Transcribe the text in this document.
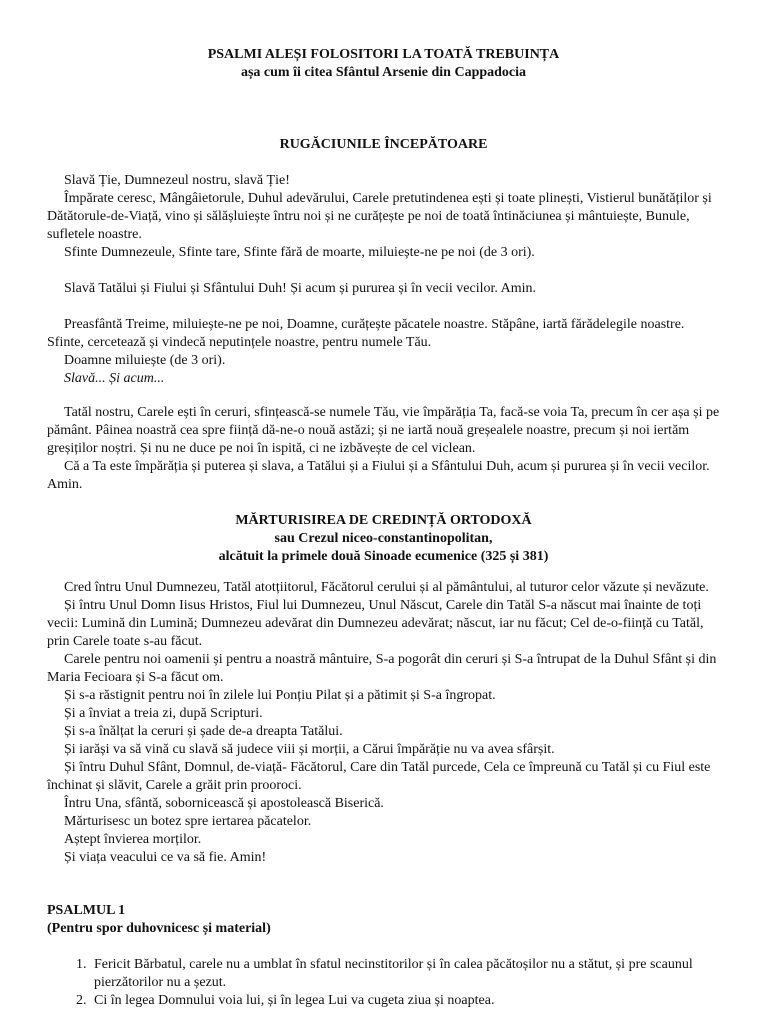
PSALMI ALEȘI FOLOSITORI LA TOATĂ TREBUINȚA
așa cum îi citea Sfântul Arsenie din Cappadocia
RUGĂCIUNILE ÎNCEPĂTOARE

Slavă Ție, Dumnezeul nostru, slavă Ție!

Împărate ceresc, Mângâietorule, Duhul adevărului, Carele pretutindenea ești și toate plinești, Vistierul bunătăților și Dătătorule-de-Viață, vino și sălășluiește întru noi și ne curățește pe noi de toată întinăciunea și mântuiește, Bunule, sufletele noastre.

Sfinte Dumnezeule, Sfinte tare, Sfinte fără de moarte, miluiește-ne pe noi (de 3 ori).

Slavă Tatălui și Fiului și Sfântului Duh! Și acum și pururea și în vecii vecilor. Amin.

Preasfântă Treime, miluiește-ne pe noi, Doamne, curățește păcatele noastre. Stăpâne, iartă fărădelegile noastre. Sfinte, cercetează și vindecă neputințele noastre, pentru numele Tău.

Doamne miluiește (de 3 ori).

Slavă... Și acum...

Tatăl nostru, Carele ești în ceruri, sfințească-se numele Tău, vie împărăția Ta, facă-se voia Ta, precum în cer așa și pe pământ. Pâinea noastră cea spre ființă dă-ne-o nouă astăzi; și ne iartă nouă greșealele noastre, precum și noi iertăm greșiților noștri. Și nu ne duce pe noi în ispită, ci ne izbăvește de cel viclean.

Că a Ta este împărăția și puterea și slava, a Tatălui și a Fiului și a Sfântului Duh, acum și pururea și în vecii vecilor. Amin.

MĂRTURISIREA DE CREDINȚĂ ORTODOXĂ
sau Crezul niceo-constantinopolitan,
alcătuit la primele două Sinoade ecumenice (325 și 381)

Cred întru Unul Dumnezeu, Tatăl atotțiitorul, Făcătorul cerului și al pământului, al tuturor celor văzute și nevăzute.

Și întru Unul Domn Iisus Hristos, Fiul lui Dumnezeu, Unul Născut, Carele din Tatăl S-a născut mai înainte de toți vecii: Lumină din Lumină; Dumnezeu adevărat din Dumnezeu adevărat; născut, iar nu făcut; Cel de-o-ființă cu Tatăl, prin Carele toate s-au făcut.

Carele pentru noi oamenii și pentru a noastră mântuire, S-a pogorât din ceruri și S-a întrupat de la Duhul Sfânt și din Maria Fecioara și S-a făcut om.

Și s-a răstignit pentru noi în zilele lui Ponțiu Pilat și a pătimit și S-a îngropat.

Și a înviat a treia zi, după Scripturi.

Și s-a înălțat la ceruri și șade de-a dreapta Tatălui.

Și iarăși va să vină cu slavă să judece viii și morții, a Cărui împărăție nu va avea sfârșit.

Și întru Duhul Sfânt, Domnul, de-viață- Făcătorul, Care din Tatăl purcede, Cela ce împreună cu Tatăl și cu Fiul este închinat și slăvit, Carele a grăit prin prooroci.

Întru Una, sfântă, sobornicească și apostolească Biserică.

Mărturisesc un botez spre iertarea păcatelor.

Aștept învierea morților.

Și viața veacului ce va să fie. Amin!

PSALMUL 1

(Pentru spor duhovnicesc și material)

1. Fericit Bărbatul, carele nu a umblat în sfatul necinstitorilor și în calea păcătoșilor nu a stătut, și pre scaunul pierzătorilor nu a șezut.
2. Ci în legea Domnului voia lui, și în legea Lui va cugeta ziua și noaptea.
